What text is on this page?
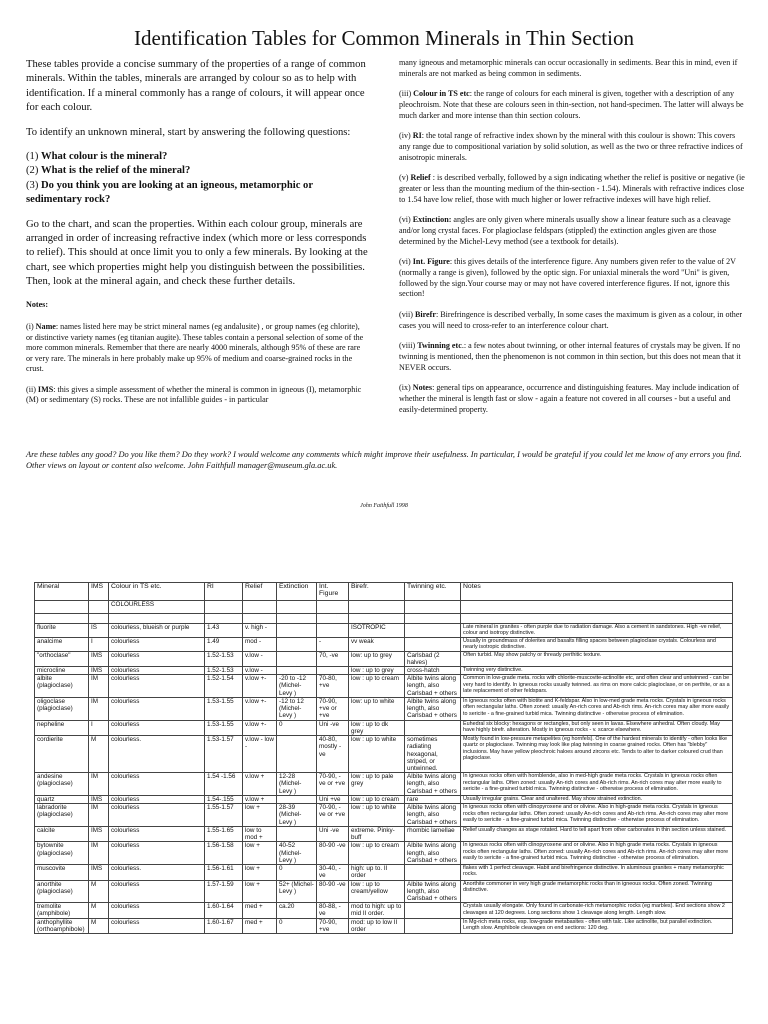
Identification Tables for Common Minerals in Thin Section

These tables provide a concise summary of the properties of a range of common minerals. Within the tables, minerals are arranged by colour so as to help with identification. If a mineral commonly has a range of colours, it will appear once for each colour.

To identify an unknown mineral, start by answering the following questions:

(1) What colour is the mineral?
(2) What is the relief of the mineral?
(3) Do you think you are looking at an igneous, metamorphic or sedimentary rock?

Go to the chart, and scan the properties. Within each colour group, minerals are arranged in order of increasing refractive index (which more or less corresponds to relief). This should at once limit you to only a few minerals. By looking at the chart, see which properties might help you distinguish between the possibilities. Then, look at the mineral again, and check these further details.

Notes:

(i) Name: names listed here may be strict mineral names (eg andalusite) , or group names (eg chlorite), or distinctive variety names (eg titanian augite). These tables contain a personal selection of some of the more common minerals. Remember that there are nearly 4000 minerals, although 95% of these are rare or very rare. The minerals in here probably make up 95% of medium and coarse-grained rocks in the crust.

(ii) IMS: this gives a simple assessment of whether the mineral is common in igneous (I), metamorphic (M) or sedimentary (S) rocks. These are not infallible guides - in particular

many igneous and metamorphic minerals can occur occasionally in sediments. Bear this in mind, even if minerals are not marked as being common in sediments.

(iii) Colour in TS etc: the range of colours for each mineral is given, together with a description of any pleochroism. Note that these are colours seen in thin-section, not hand-specimen. The latter will always be much darker and more intense than thin section colours.

(iv) RI: the total range of refractive index shown by the mineral with this coulour is shown: This covers any range due to compositional variation by solid solution, as well as the two or three refractive indices of anisotropic minerals.

(v) Relief : is described verbally, followed by a sign indicating whether the relief is positive or negative (ie greater or less than the mounting medium of the thin-section - 1.54). Minerals with refractive indices close to 1.54 have low relief, those with much higher or lower refractive indexes will have high relief.

(vi) Extinction: angles are only given where minerals usually show a linear feature such as a cleavage and/or long crystal faces. For plagioclase feldspars (stippled) the extinction angles given are those determined by the Michel-Levy method (see a textbook for details).

(vi) Int. Figure: this gives details of the interference figure. Any numbers given refer to the value of 2V (normally a range is given), followed by the optic sign. For uniaxial minerals the word "Uni" is given, followed by the sign.Your course may or may not have covered interference figures. If not, ignore this section!

(vii) Birefr: Birefringence is described verbally, In some cases the maximum is given as a colour, in other cases you will need to cross-refer to an interference colour chart.

(viii) Twinning etc.: a few notes about twinning, or other internal features of crystals may be given. If no twinning is mentioned, then the phenomenon is not common in thin section, but this does not mean that it NEVER occurs.

(ix) Notes: general tips on appearance, occurrence and distinguishing features. May include indication of whether the mineral is length fast or slow - again a feature not covered in all courses - but a useful and easily-determined property.

Are these tables any good? Do you like them? Do they work? I would welcome any comments which might improve their usefulness. In particular, I would be grateful if you could let me know of any errors you find. Other views on layout or content also welcome. John Faithfull manager@museum.gla.ac.uk.
John Faithfull 1998
Mineral	IMS	Colour in TS etc.	RI	Relief	Extinction	Int. Figure	Birefr.	Twinning etc.	Notes
		COLOURLESS							

fluorite	IS	colourless, blueish or purple	1.43	v. high -			ISOTROPIC		Late mineral in granites - often purple due to radiation damage. Also a cement in sandstones. High -ve relief, colour and isotropy distinctive.
analcime	I	colourless	1.49	mod -		-	vv weak		Usually in groundmass of dolerites and basalts filling spaces between plagioclase crystals. Colourless and nearly isotropic distinctive.
"orthoclase"	IMS	colourless	1.52-1.53	v.low -		70, -ve	low: up to grey	Carlsbad (2 halves)	Often turbid. May show patchy or thready perthitic texture.
microcline	IMS	colourless	1.52-1.53	v.low -			low : up to grey	cross-hatch	Twinning very distinctive.
albite (plagioclase)	IM	colourless	1.52-1.54	v.low +-	-20 to -12 (Michel-Levy )	70-80, +ve	low : up to cream	Albite twins along length, also Carlsbad + others	Common in low-grade meta. rocks with chlorite-muscovite-actinolite etc, and often clear and untwinned - can be very hard to identify. In igneous rocks usually twinned. as rims on more calcic plagioclase, or on perthite, or as a late replacement of other feldspars.
oligoclase (plagioclase)	IM	colourless	1.53-1.55	v.low +-	-12 to 12 (Michel-Levy )	70-90, +ve or +ve	low: up to white	Albite twins along length, also Carlsbad + others	In igneous rocks often with biotite and K-feldspar. Also in low-med grade meta rocks. Crystals in igneous rocks often rectangular laths. Often zoned: usually An-rich cores and Ab-rich rims. An-rich cores may alter more easily to sericite - a fine-grained turbid mica. Twinning distinctive - otherwise process of elimination.
nepheline	I	colourless	1.53-1.55	v.low +-	0	Uni -ve	low : up to dk grey		Euhedral six blocky: hexagons or rectangles, but only seen in lavas. Elsewhere anhedral. Often cloudy. May have highly birefr. alteration. Mostly in igneous rocks - v. scarce elsewhere.
cordierite	M	colourless.	1.53-1.57	v.low - low -		40-80, mostly -ve	low : up to white	sometimes radiating hexagonal, striped, or untwinned.	Mostly found in low-pressure metapelites (eg hornfels). One of the hardest minerals to identify - often looks like quartz or plagioclase. Twinning may look like plag twinning in coarse grained rocks. Often has "blebby" inclusions. May have yellow pleochroic haloes around zircons etc. Tends to alter to darker coloured crud than plagioclase.
andesine (plagioclase)	IM	colourless	1.54 -1.56	v.low +	12-28 (Michel-Levy )	70-90, -ve or +ve	low : up to pale grey	Albite twins along length, also Carlsbad + others	In igneous rocks often with hornblende, also in med-high grade meta rocks. Crystals in igneous rocks often rectangular laths. Often zoned: usually An-rich cores and Ab-rich rims. An-rich cores may alter more easily to sericite - a fine-grained turbid mica. Twinning distinctive - otherwise process of elimination.
quartz	IMS	colourless	1.54-.155	v.low +		Uni +ve	low : up to cream	rare	Usually irregular grains. Clear and unaltered. May show strained extinction.
labradorite (plagioclase)	IM	colourless	1.55-1.57	low +	28-39 (Michel-Levy )	70-90, -ve or +ve	low : up to white	Albite twins along length, also Carlsbad + others	In igneous rocks often with clinopyroxene and or olivine. Also in high-grade meta rocks. Crystals in igneous rocks often rectangular laths. Often zoned: usually An-rich cores and Ab-rich rims. An-rich cores may alter more easily to sericite - a fine-grained turbid mica. Twinning distinctive - otherwise process of elimination.
calcite	IMS	colourless	1.55-1.65	low to mod +		Uni -ve	extreme. Pinky-buff	rhombic lamellae	Relief usually changes as stage rotated. Hard to tell apart from other carbonates in thin section unless stained.
bytownite (plagioclase)	IM	colourless	1.56-1.58	low +	40-52 (Michel-Levy )	80-90 -ve	low : up to cream	Albite twins along length, also Carlsbad + others	In igneous rocks often with clinopyroxene and or olivine. Also in high grade meta rocks. Crystals in igneous rocks often rectangular laths. Often zoned: usually An-rich cores and Ab-rich rims. An-rich cores may alter more easily to sericite - a fine-grained turbid mica. Twinning distinctive - otherwise process of elimination.
muscovite	IMS	colourless.	1.56-1.61	low +	0	30-40, -ve	high: up to. II order		flakes with 1 perfect cleavage. Habit and birefringence distinctive. In aluminous granites + many metamorphic rocks.
anorthite (plagioclase)	M	colourless	1.57-1.59	low +	52+ (Michel-Levy )	80-90 -ve	low : up to cream/yellow	Albite twins along length, also Carlsbad + others	Anorthite commoner in very high grade metamorphic rocks than in igneous rocks. Often zoned. Twinning distinctive.
tremolite (amphibole)	M	colourless	1.60-1.64	med +	ca.20	80-88, -ve	mod to high: up to mid II order.		Crystals usually elongate. Only found in carbonate-rich metamorphic rocks (eg marbles). End sections show 2 cleavages at 120 degrees. Long sections show 1 cleavage along length. Length slow.
anthophyllite (orthoamphibole)	M	colourless	1.60-1.67	med +	0	70-90, +ve	mod: up to low II order		In Mg-rich meta rocks, esp. low-grade metabasites - often with talc. Like actinolite, but parallel extinction. Length slow. Amphibole cleavages on end sections: 120 deg.
